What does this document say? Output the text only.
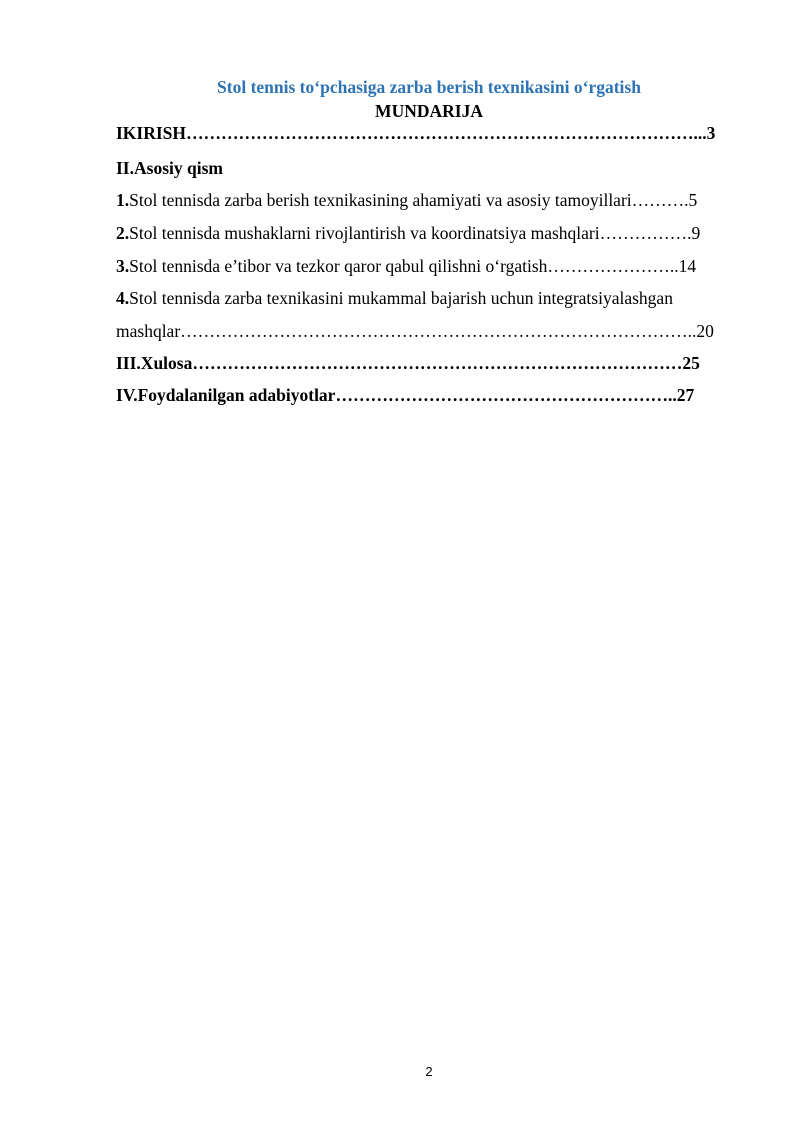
Stol tennis to‘pchasiga zarba berish texnikasini o‘rgatish
MUNDARIJA
IKIRISH……………………………………………………………………………...3
II.Asosiy qism
1.Stol tennisda zarba berish texnikasining ahamiyati va asosiy tamoyillari……….5
2.Stol tennisda mushaklarni rivojlantirish va koordinatsiya mashqlari…………….9
3.Stol tennisda e’tibor va tezkor qaror qabul qilishni o‘rgatish…………………..14
4.Stol tennisda zarba texnikasini mukammal bajarish uchun integratsiyalashgan
mashqlar……………………………………………………………………………..20
III.Xulosa…………………………………………………………………………25
IV.Foydalanilgan adabiyotlar…………………………………………………..27
2
